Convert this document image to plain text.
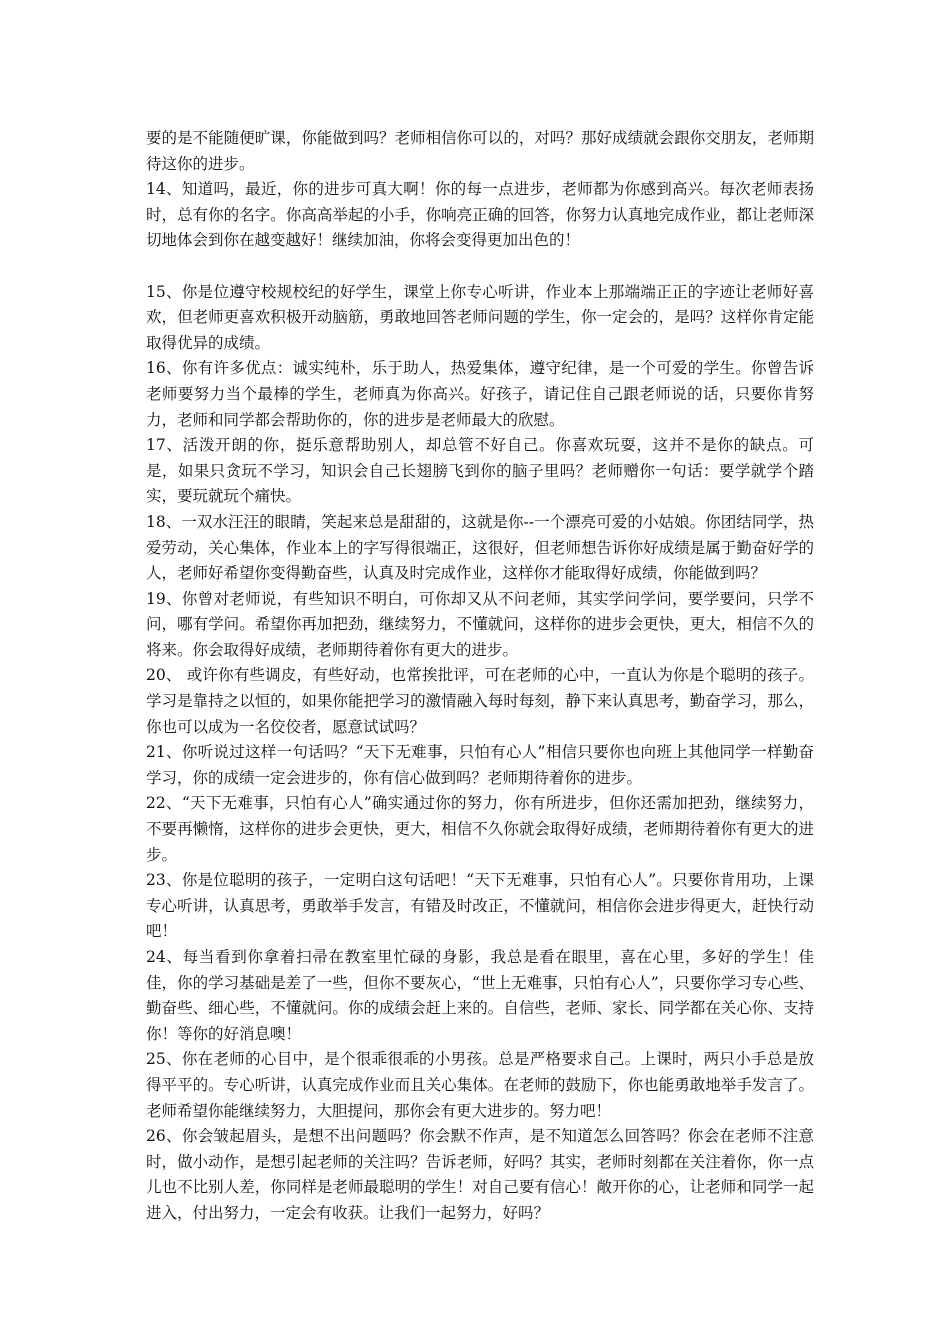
要的是不能随便旷课，你能做到吗？老师相信你可以的，对吗？那好成绩就会跟你交朋友，老师期待这你的进步。

14、知道吗，最近，你的进步可真大啊！你的每一点进步，老师都为你感到高兴。每次老师表扬时，总有你的名字。你高高举起的小手，你响亮正确的回答，你努力认真地完成作业，都让老师深切地体会到你在越变越好！继续加油，你将会变得更加出色的！

15、你是位遵守校规校纪的好学生，课堂上你专心听讲，作业本上那端端正正的字迹让老师好喜欢，但老师更喜欢积极开动脑筋，勇敢地回答老师问题的学生，你一定会的，是吗？这样你肯定能取得优异的成绩。

16、你有许多优点：诚实纯朴，乐于助人，热爱集体，遵守纪律，是一个可爱的学生。你曾告诉老师要努力当个最棒的学生，老师真为你高兴。好孩子，请记住自己跟老师说的话，只要你肯努力，老师和同学都会帮助你的，你的进步是老师最大的欣慰。

17、活泼开朗的你，挺乐意帮助别人，却总管不好自己。你喜欢玩耍，这并不是你的缺点。可是，如果只贪玩不学习，知识会自己长翅膀飞到你的脑子里吗？老师赠你一句话：要学就学个踏实，要玩就玩个痛快。

18、一双水汪汪的眼睛，笑起来总是甜甜的，这就是你--一个漂亮可爱的小姑娘。你团结同学，热爱劳动，关心集体，作业本上的字写得很端正，这很好，但老师想告诉你好成绩是属于勤奋好学的人，老师好希望你变得勤奋些，认真及时完成作业，这样你才能取得好成绩，你能做到吗？

19、你曾对老师说，有些知识不明白，可你却又从不问老师，其实学问学问，要学要问，只学不问，哪有学问。希望你再加把劲，继续努力，不懂就问，这样你的进步会更快，更大，相信不久的将来。你会取得好成绩，老师期待着你有更大的进步。

20、 或许你有些调皮，有些好动，也常挨批评，可在老师的心中，一直认为你是个聪明的孩子。学习是靠持之以恒的，如果你能把学习的激情融入每时每刻，静下来认真思考，勤奋学习，那么，你也可以成为一名佼佼者，愿意试试吗？

21、你听说过这样一句话吗？“天下无难事，只怕有心人”相信只要你也向班上其他同学一样勤奋学习，你的成绩一定会进步的，你有信心做到吗？老师期待着你的进步。

22、“天下无难事，只怕有心人”确实通过你的努力，你有所进步，但你还需加把劲，继续努力，不要再懒惰，这样你的进步会更快，更大，相信不久你就会取得好成绩，老师期待着你有更大的进步。

23、你是位聪明的孩子，一定明白这句话吧！“天下无难事，只怕有心人”。只要你肯用功，上课专心听讲，认真思考，勇敢举手发言，有错及时改正，不懂就问，相信你会进步得更大，赶快行动吧！

24、每当看到你拿着扫帚在教室里忙碌的身影，我总是看在眼里，喜在心里，多好的学生！佳佳，你的学习基础是差了一些，但你不要灰心，“世上无难事，只怕有心人”，只要你学习专心些、勤奋些、细心些，不懂就问。你的成绩会赶上来的。自信些，老师、家长、同学都在关心你、支持你！等你的好消息噢！

25、你在老师的心目中，是个很乖很乖的小男孩。总是严格要求自己。上课时，两只小手总是放得平平的。专心听讲，认真完成作业而且关心集体。在老师的鼓励下，你也能勇敢地举手发言了。老师希望你能继续努力，大胆提问，那你会有更大进步的。努力吧！

26、你会皱起眉头，是想不出问题吗？你会默不作声，是不知道怎么回答吗？你会在老师不注意时，做小动作，是想引起老师的关注吗？告诉老师，好吗？其实，老师时刻都在关注着你，你一点儿也不比别人差，你同样是老师最聪明的学生！对自己要有信心！敞开你的心，让老师和同学一起进入，付出努力，一定会有收获。让我们一起努力，好吗？
